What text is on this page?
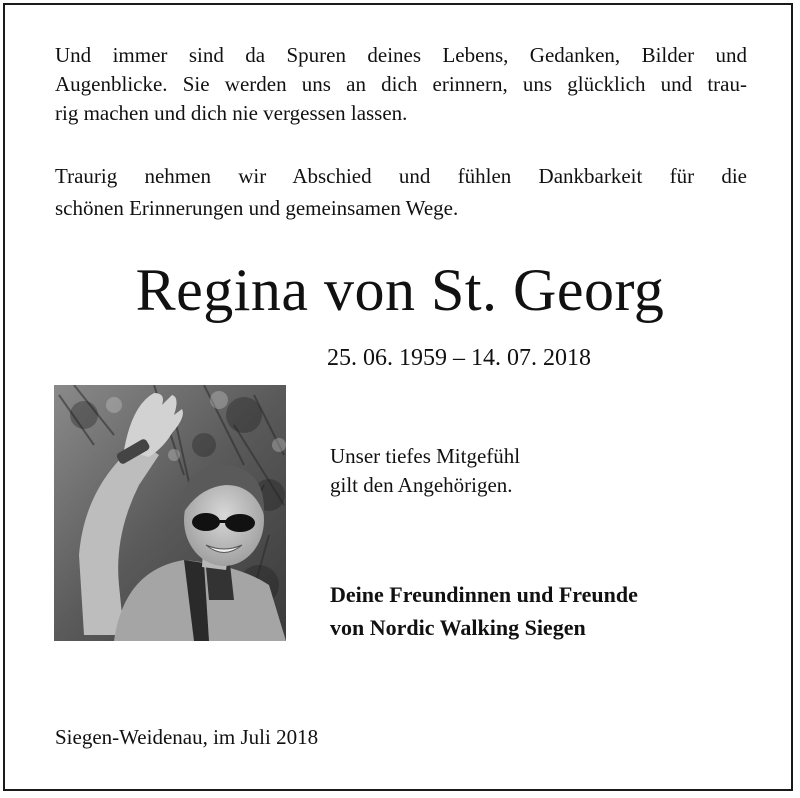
Und immer sind da Spuren deines Lebens, Gedanken, Bilder und
Augenblicke. Sie werden uns an dich erinnern, uns glücklich und trau-
rig machen und dich nie vergessen lassen.

Traurig nehmen wir Abschied und fühlen Dankbarkeit für die
schönen Erinnerungen und gemeinsamen Wege.

Regina von St. Georg
25. 06. 1959 – 14. 07. 2018
Unser tiefes Mitgefühl
gilt den Angehörigen.
Deine Freundinnen und Freunde
von Nordic Walking Siegen
Siegen-Weidenau, im Juli 2018
